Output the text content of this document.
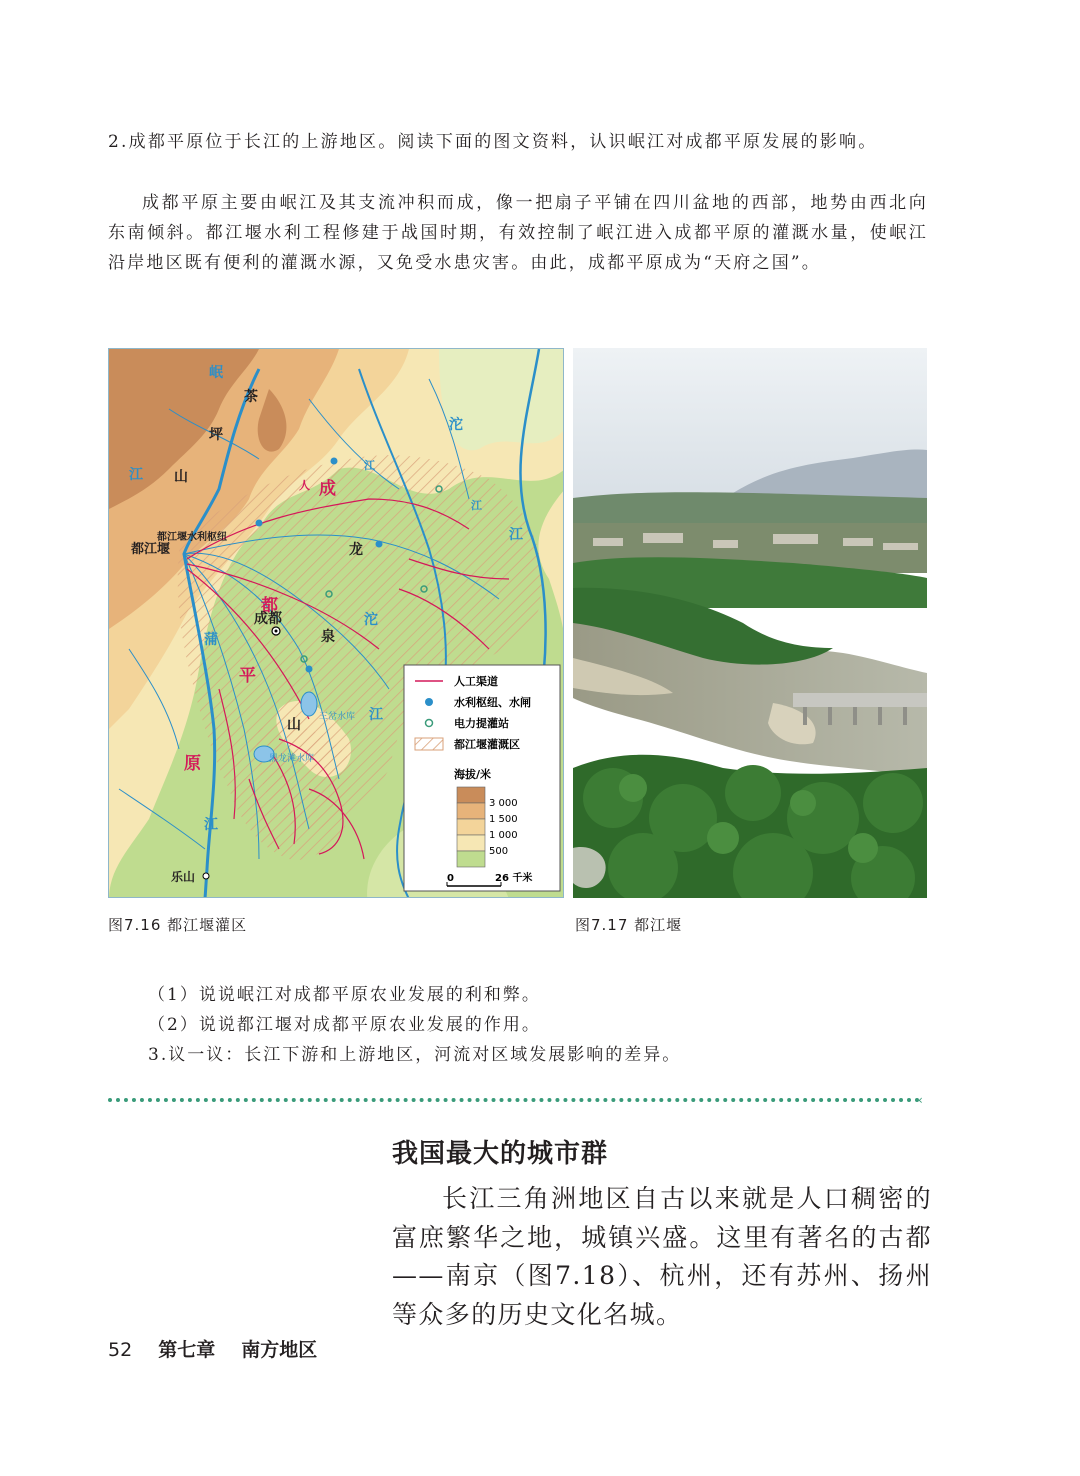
2.成都平原位于长江的上游地区。阅读下面的图文资料，认识岷江对成都平原发展的影响。

成都平原主要由岷江及其支流冲积而成，像一把扇子平铺在四川盆地的西部，地势由西北向东南倾斜。都江堰水利工程修建于战国时期，有效控制了岷江进入成都平原的灌溉水量，使岷江沿岸地区既有便利的灌溉水源，又免受水患灾害。由此，成都平原成为“天府之国”。

岷
茶
坪
山
江
成
人
都
平
原
龙
泉
山
沱
江
沱
江
江
蒲
江
江
都江堰
成都
乐山
都江堰水利枢纽
三岔水库
黑龙滩水库
人工渠道
水利枢纽、水闸
电力提灌站
都江堰灌溉区
海拔/米
3 000
1 500
1 000
500
0	26 千米
图7.16 都江堰灌区	图7.17 都江堰
（1）说说岷江对成都平原农业发展的利和弊。
（2）说说都江堰对成都平原农业发展的作用。
3.议一议：长江下游和上游地区，河流对区域发展影响的差异。
‹
我国最大的城市群

长江三角洲地区自古以来就是人口稠密的富庶繁华之地，城镇兴盛。这里有著名的古都——南京（图7.18）、杭州，还有苏州、扬州等众多的历史文化名城。

52 第七章 南方地区
